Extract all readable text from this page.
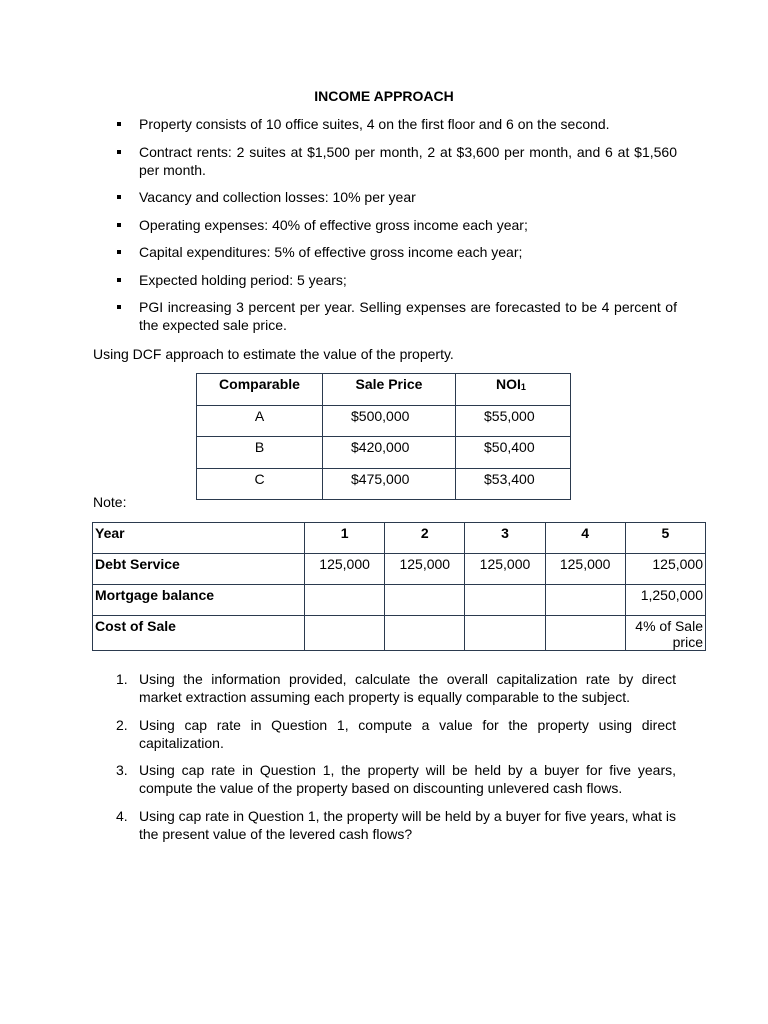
INCOME APPROACH
Property consists of 10 office suites, 4 on the first floor and 6 on the second.
Contract rents: 2 suites at $1,500 per month, 2 at $3,600 per month, and 6 at $1,560 per month.
Vacancy and collection losses: 10% per year
Operating expenses: 40% of effective gross income each year;
Capital expenditures: 5% of effective gross income each year;
Expected holding period: 5 years;
PGI increasing 3 percent per year. Selling expenses are forecasted to be 4 percent of the expected sale price.
Using DCF approach to estimate the value of the property.
Comparable	Sale Price	$NOI_1$
A	$500,000	$55,000
B	$420,000	$50,400
C	$475,000	$53,400
Note:
Year	1	2	3	4	5
Debt Service	125,000	125,000	125,000	125,000	125,000
Mortgage balance					1,250,000
Cost of Sale					4% of Sale price
1. Using the information provided, calculate the overall capitalization rate by direct market extraction assuming each property is equally comparable to the subject.
2. Using cap rate in Question 1, compute a value for the property using direct capitalization.
3. Using cap rate in Question 1, the property will be held by a buyer for five years, compute the value of the property based on discounting unlevered cash flows.
4. Using cap rate in Question 1, the property will be held by a buyer for five years, what is the present value of the levered cash flows?
